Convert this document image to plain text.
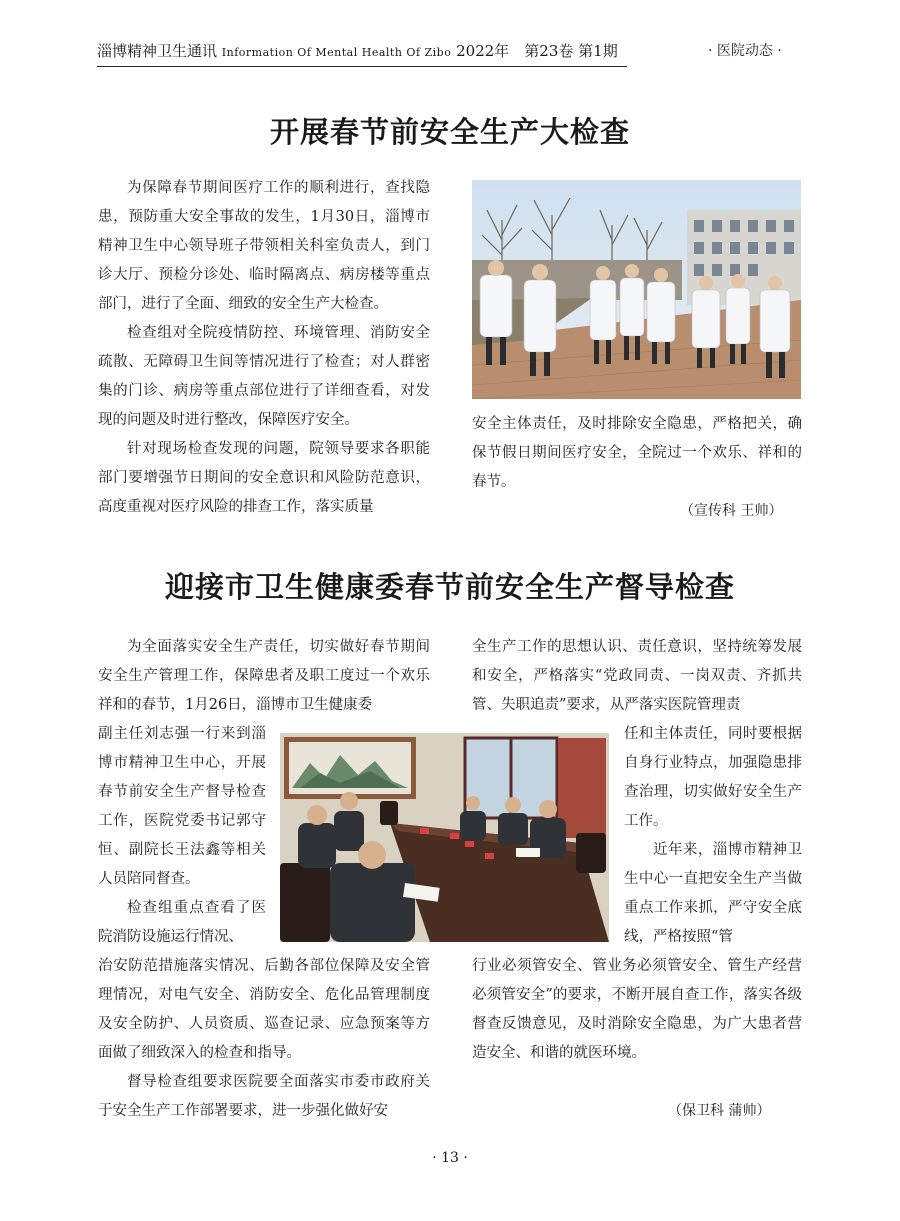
淄博精神卫生通讯 Information Of Mental Health Of Zibo 2022年　第23卷 第1期	· 医院动态 ·
开展春节前安全生产大检查

为保障春节期间医疗工作的顺利进行，查找隐患，预防重大安全事故的发生，1月30日，淄博市精神卫生中心领导班子带领相关科室负责人，到门诊大厅、预检分诊处、临时隔离点、病房楼等重点部门，进行了全面、细致的安全生产大检查。

检查组对全院疫情防控、环境管理、消防安全疏散、无障碍卫生间等情况进行了检查；对人群密集的门诊、病房等重点部位进行了详细查看，对发现的问题及时进行整改，保障医疗安全。

针对现场检查发现的问题，院领导要求各职能部门要增强节日期间的安全意识和风险防范意识，高度重视对医疗风险的排查工作，落实质量

安全主体责任，及时排除安全隐患，严格把关，确保节假日期间医疗安全，全院过一个欢乐、祥和的春节。

（宣传科 王帅）
迎接市卫生健康委春节前安全生产督导检查

为全面落实安全生产责任，切实做好春节期间安全生产管理工作，保障患者及职工度过一个欢乐祥和的春节，1月26日，淄博市卫生健康委

副主任刘志强一行来到淄博市精神卫生中心，开展春节前安全生产督导检查工作，医院党委书记郭守恒、副院长王法鑫等相关人员陪同督查。

检查组重点查看了医院消防设施运行情况、

治安防范措施落实情况、后勤各部位保障及安全管理情况，对电气安全、消防安全、危化品管理制度及安全防护、人员资质、巡查记录、应急预案等方面做了细致深入的检查和指导。

督导检查组要求医院要全面落实市委市政府关于安全生产工作部署要求，进一步强化做好安

全生产工作的思想认识、责任意识，坚持统筹发展和安全，严格落实“党政同责、一岗双责、齐抓共管、失职追责”要求，从严落实医院管理责

任和主体责任，同时要根据自身行业特点，加强隐患排查治理，切实做好安全生产工作。

近年来，淄博市精神卫生中心一直把安全生产当做重点工作来抓，严守安全底线，严格按照“管

行业必须管安全、管业务必须管安全、管生产经营必须管安全”的要求，不断开展自查工作，落实各级督查反馈意见，及时消除安全隐患，为广大患者营造安全、和谐的就医环境。

（保卫科 蒲帅）
· 13 ·
